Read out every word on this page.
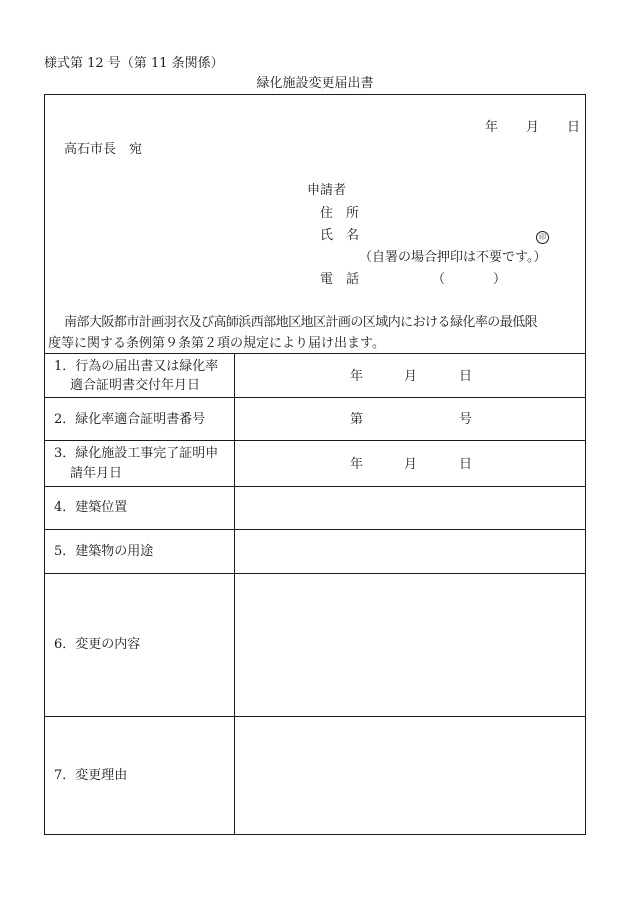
様式第 12 号（第 11 条関係）
緑化施設変更届出書
年 月 日
高石市長　宛
申請者
住　所
氏　名	印
（自署の場合押印は不要です。）
電　話	（	）
南部大阪都市計画羽衣及び高師浜西部地区地区計画の区域内における緑化率の最低限
度等に関する条例第９条第２項の規定により届け出ます。
1．行為の届出書又は緑化率
適合証明書交付年月日
年	月	日
2．緑化率適合証明書番号	第	号
3．緑化施設工事完了証明申
請年月日
年	月	日
4．建築位置
5．建築物の用途
6．変更の内容
7．変更理由
